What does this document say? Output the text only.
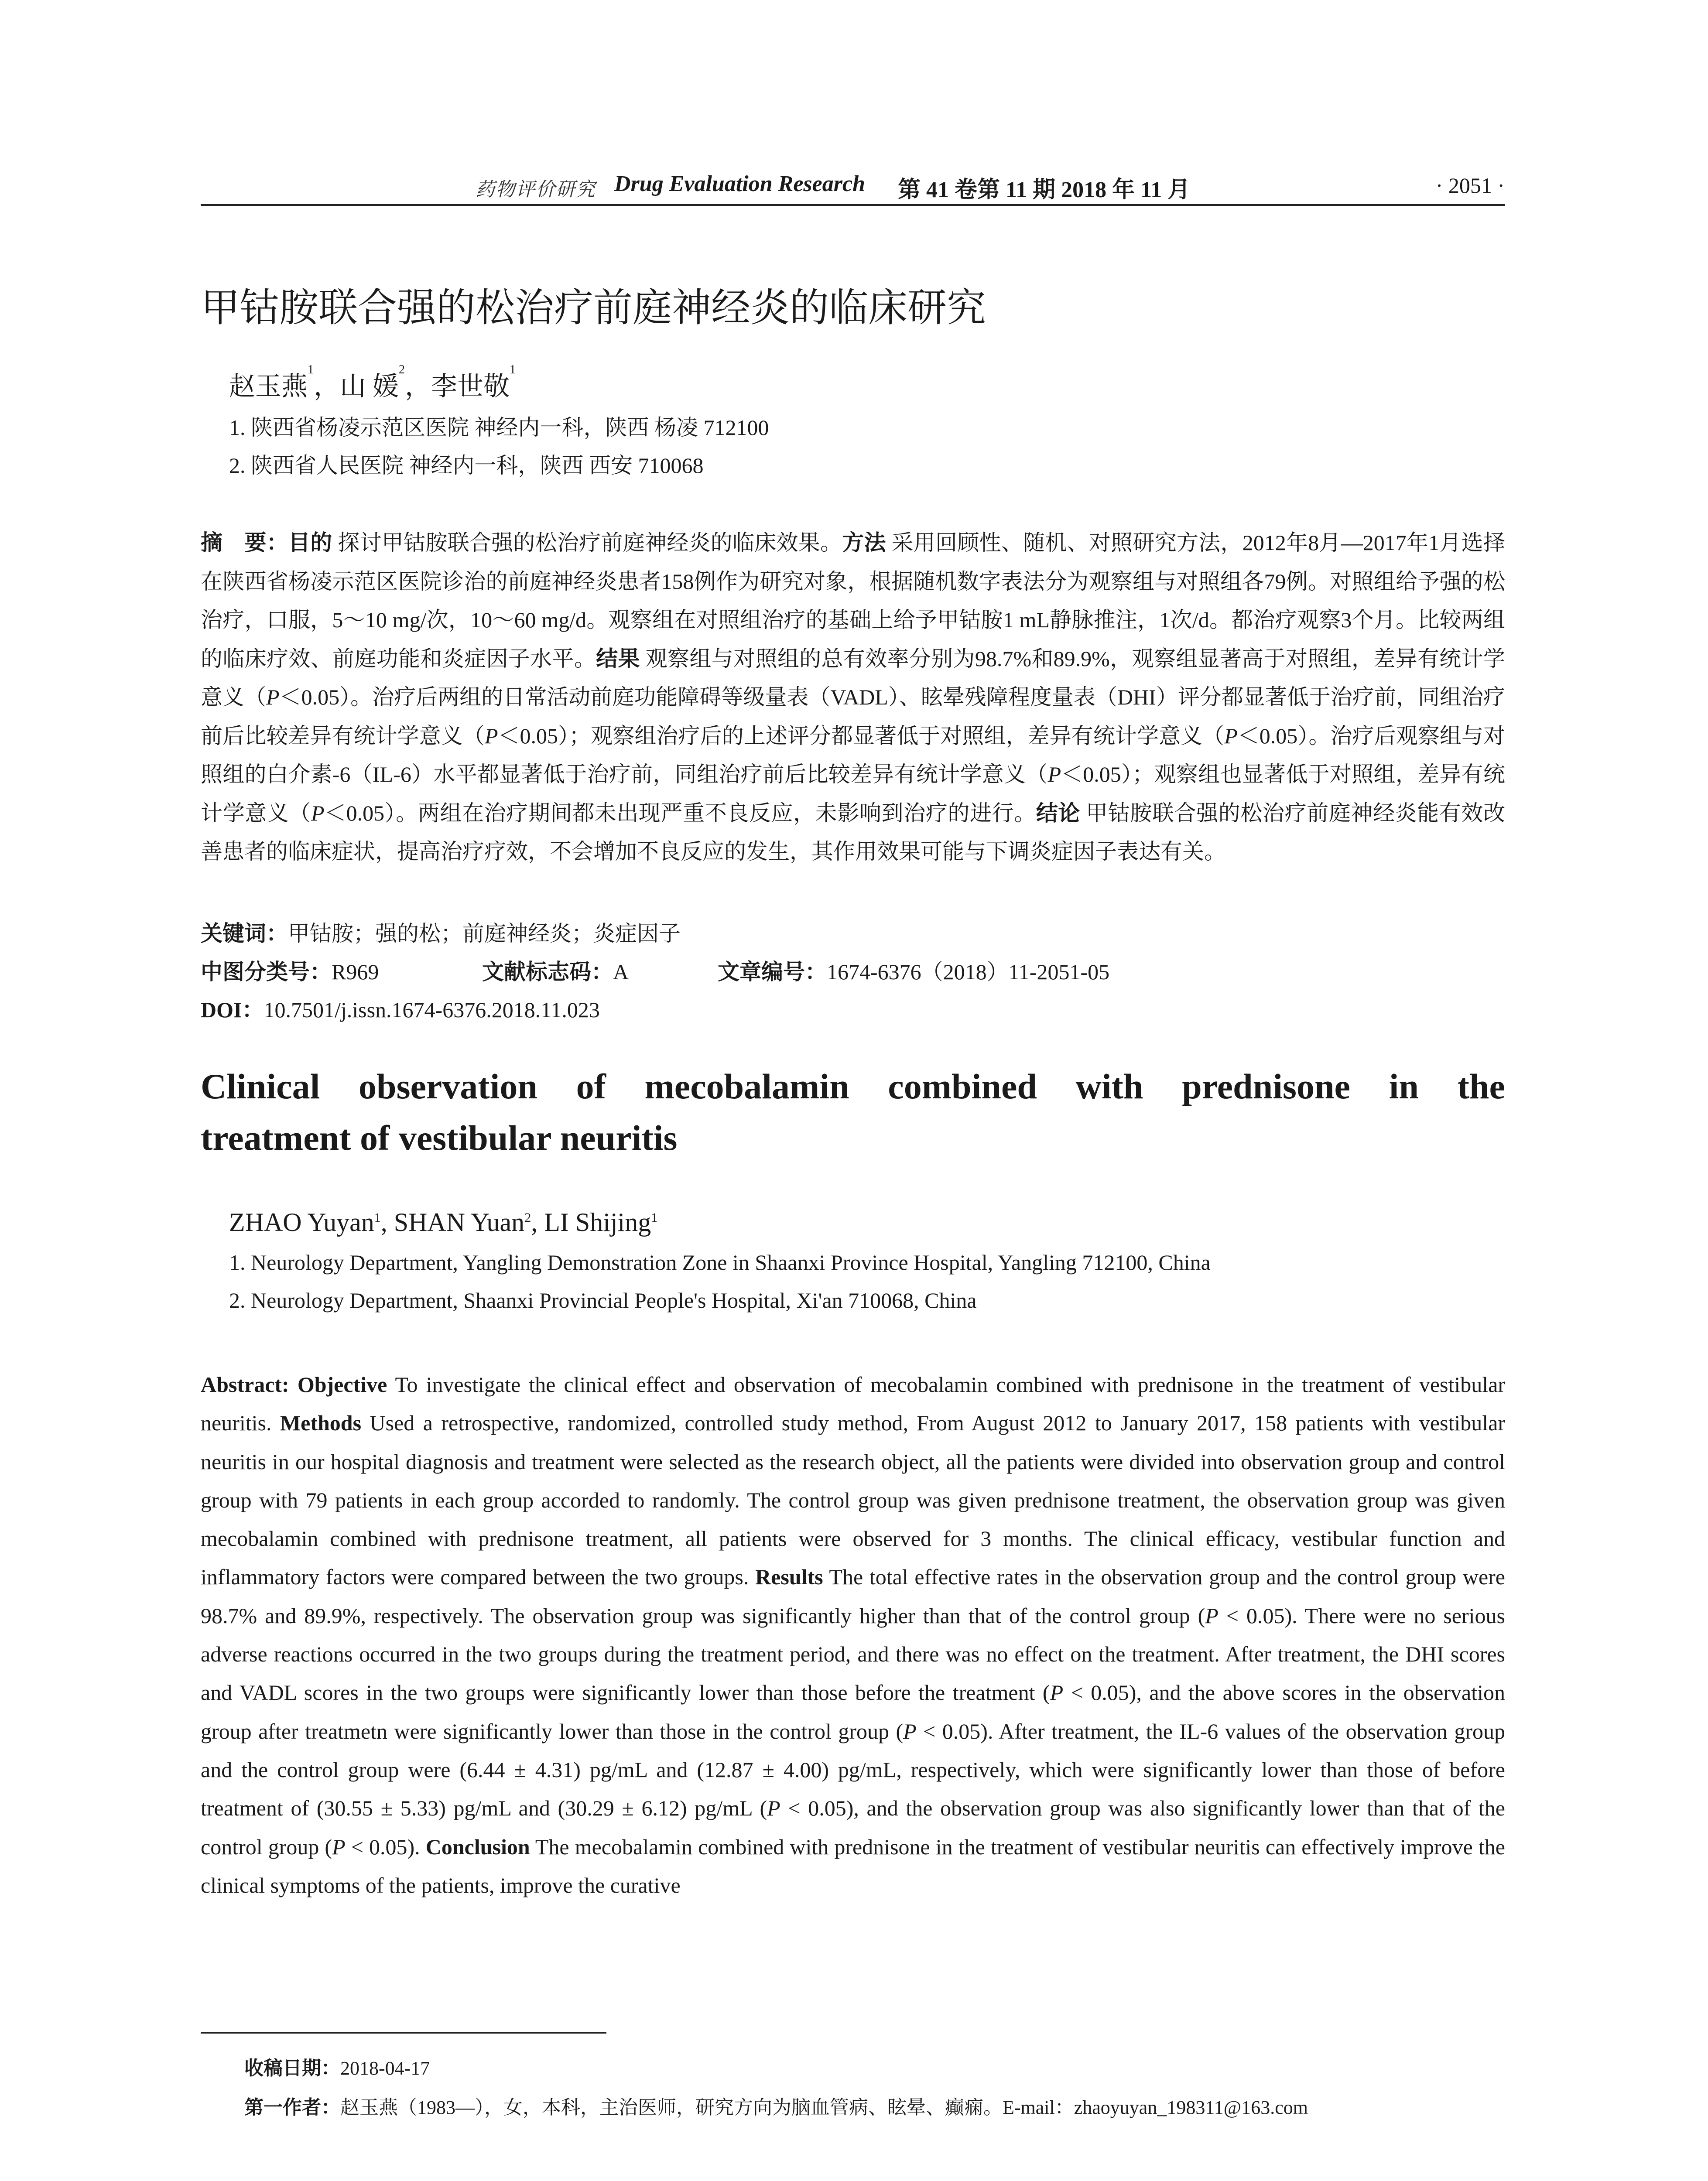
药物评价研究 Drug Evaluation Research 第 41 卷第 11 期 2018 年 11 月	· 2051 ·
甲钴胺联合强的松治疗前庭神经炎的临床研究
赵玉燕$^1$，山 媛$^2$，李世敬$^1$
1. 陕西省杨凌示范区医院 神经内一科，陕西 杨凌 712100
2. 陕西省人民医院 神经内一科，陕西 西安 710068
摘　要：目的 探讨甲钴胺联合强的松治疗前庭神经炎的临床效果。方法 采用回顾性、随机、对照研究方法，2012年8月—2017年1月选择在陕西省杨凌示范区医院诊治的前庭神经炎患者158例作为研究对象，根据随机数字表法分为观察组与对照组各79例。对照组给予强的松治疗，口服，5～10 mg/次，10～60 mg/d。观察组在对照组治疗的基础上给予甲钴胺1 mL静脉推注，1次/d。都治疗观察3个月。比较两组的临床疗效、前庭功能和炎症因子水平。结果 观察组与对照组的总有效率分别为98.7%和89.9%，观察组显著高于对照组，差异有统计学意义（P＜0.05）。治疗后两组的日常活动前庭功能障碍等级量表（VADL）、眩晕残障程度量表（DHI）评分都显著低于治疗前，同组治疗前后比较差异有统计学意义（P＜0.05）；观察组治疗后的上述评分都显著低于对照组，差异有统计学意义（P＜0.05）。治疗后观察组与对照组的白介素-6（IL-6）水平都显著低于治疗前，同组治疗前后比较差异有统计学意义（P＜0.05）；观察组也显著低于对照组，差异有统计学意义（P＜0.05）。两组在治疗期间都未出现严重不良反应，未影响到治疗的进行。结论 甲钴胺联合强的松治疗前庭神经炎能有效改善患者的临床症状，提高治疗疗效，不会增加不良反应的发生，其作用效果可能与下调炎症因子表达有关。
关键词：甲钴胺；强的松；前庭神经炎；炎症因子
中图分类号：R969	文献标志码：A	文章编号：1674-6376（2018）11-2051-05
DOI：10.7501/j.issn.1674-6376.2018.11.023
Clinical observation of mecobalamin combined with prednisone in the
treatment of vestibular neuritis
ZHAO Yuyan$^1$, SHAN Yuan$^2$, LI Shijing$^1$
1. Neurology Department, Yangling Demonstration Zone in Shaanxi Province Hospital, Yangling 712100, China
2. Neurology Department, Shaanxi Provincial People's Hospital, Xi'an 710068, China
Abstract: Objective To investigate the clinical effect and observation of mecobalamin combined with prednisone in the treatment of vestibular neuritis. Methods Used a retrospective, randomized, controlled study method, From August 2012 to January 2017, 158 patients with vestibular neuritis in our hospital diagnosis and treatment were selected as the research object, all the patients were divided into observation group and control group with 79 patients in each group accorded to randomly. The control group was given prednisone treatment, the observation group was given mecobalamin combined with prednisone treatment, all patients were observed for 3 months. The clinical efficacy, vestibular function and inflammatory factors were compared between the two groups. Results The total effective rates in the observation group and the control group were 98.7% and 89.9%, respectively. The observation group was significantly higher than that of the control group (P < 0.05). There were no serious adverse reactions occurred in the two groups during the treatment period, and there was no effect on the treatment. After treatment, the DHI scores and VADL scores in the two groups were significantly lower than those before the treatment (P < 0.05), and the above scores in the observation group after treatmetn were significantly lower than those in the control group (P < 0.05). After treatment, the IL-6 values of the observation group and the control group were (6.44 ± 4.31) pg/mL and (12.87 ± 4.00) pg/mL, respectively, which were significantly lower than those of before treatment of (30.55 ± 5.33) pg/mL and (30.29 ± 6.12) pg/mL (P < 0.05), and the observation group was also significantly lower than that of the control group (P < 0.05). Conclusion The mecobalamin combined with prednisone in the treatment of vestibular neuritis can effectively improve the clinical symptoms of the patients, improve the curative
收稿日期：2018-04-17
第一作者：赵玉燕（1983—），女，本科，主治医师，研究方向为脑血管病、眩晕、癫痫。E-mail：zhaoyuyan_198311@163.com
